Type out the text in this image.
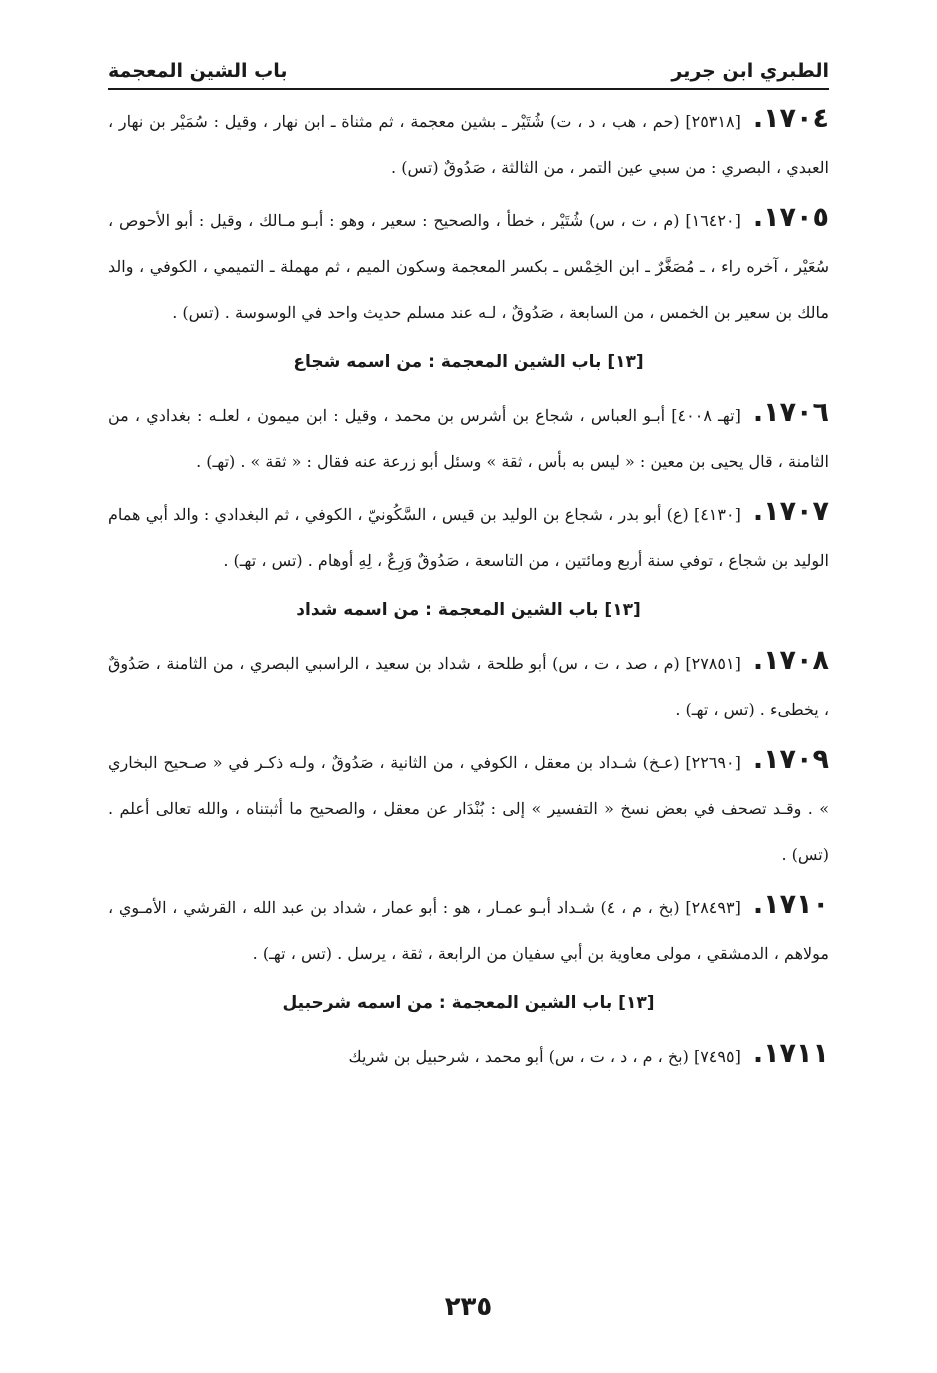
الطبري ابن جرير
باب الشين المعجمة

١٧٠٤.[٢٥٣١٨] (حم ، هب ، د ، ت) شُتَيْر ـ بشين معجمة ، ثم مثناة ـ ابن نهار ، وقيل : سُمَيْر بن نهار ، العبدي ، البصري : من سبي عين التمر ، من الثالثة ، صَدُوقٌ (تس) .

١٧٠٥.[١٦٤٢٠] (م ، ت ، س) شُتَيْر ، خطأ ، والصحيح : سعير ، وهو : أبـو مـالك ، وقيل : أبو الأحوص ، سُعَيْر ، آخره راء ، ـ مُصَغَّرٌ ـ ابن الخِمْس ـ بكسر المعجمة وسكون الميم ، ثم مهملة ـ التميمي ، الكوفي ، والد مالك بن سعير بن الخمس ، من السابعة ، صَدُوقٌ ، لـه عند مسلم حديث واحد في الوسوسة . (تس) .

[١٣] باب الشين المعجمة : من اسمه شجاع

١٧٠٦.[تهـ ٤٠٠٨] أبـو العباس ، شجاع بن أشرس بن محمد ، وقيل : ابن ميمون ، لعلـه : بغدادي ، من الثامنة ، قال يحيى بن معين : « ليس به بأس ، ثقة » وسئل أبو زرعة عنه فقال : « ثقة » . (تهـ) .

١٧٠٧.[٤١٣٠] (ع) أبو بدر ، شجاع بن الوليد بن قيس ، السَّكُونيّ ، الكوفي ، ثم البغدادي : والد أبي همام الوليد بن شجاع ، توفي سنة أربع ومائتين ، من التاسعة ، صَدُوقٌ وَرِعٌ ، لِهِ أوهام . (تس ، تهـ) .

[١٣] باب الشين المعجمة : من اسمه شداد

١٧٠٨.[٢٧٨٥١] (م ، صد ، ت ، س) أبو طلحة ، شداد بن سعيد ، الراسبي البصري ، من الثامنة ، صَدُوقٌ ، يخطىء . (تس ، تهـ) .

١٧٠٩.[٢٢٦٩٠] (عـخ) شـداد بن معقل ، الكوفي ، من الثانية ، صَدُوقٌ ، ولـه ذكـر في « صـحيح البخاري » . وقـد تصحف في بعض نسخ « التفسير » إلى : بُنْدَار عن معقل ، والصحيح ما أثبتناه ، والله تعالى أعلم . (تس) .

١٧١٠.[٢٨٤٩٣] (بخ ، م ، ٤) شـداد أبـو عمـار ، هو : أبو عمار ، شداد بن عبد الله ، القرشي ، الأمـوي ، مولاهم ، الدمشقي ، مولى معاوية بن أبي سفيان من الرابعة ، ثقة ، يرسل . (تس ، تهـ) .

[١٣] باب الشين المعجمة : من اسمه شرحبيل

١٧١١.[٧٤٩٥] (بخ ، م ، د ، ت ، س) أبو محمد ، شرحبيل بن شريك

٢٣٥
